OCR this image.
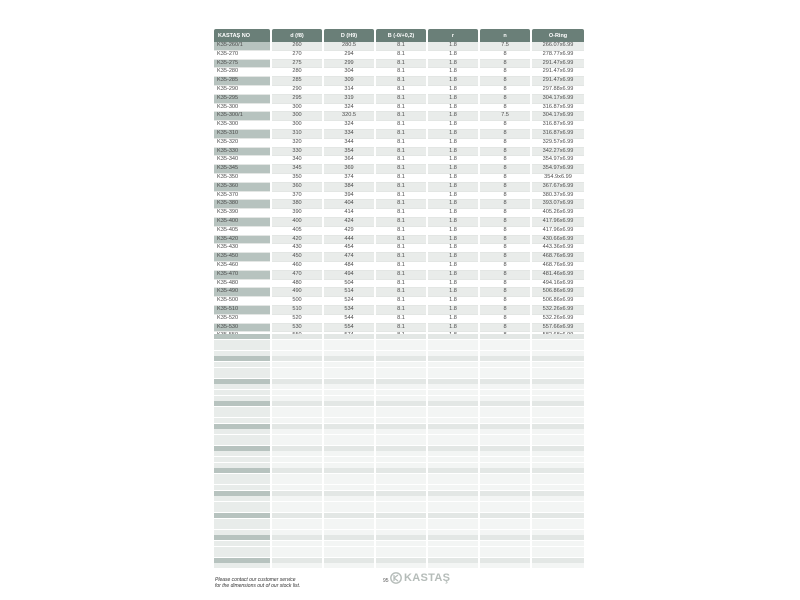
KASTAŞ NO	d (f8)	D (H9)	B (-0/+0,2)	r	n	O-Ring
K35-260/1	260	280.5	8.1	1.8	7.5	266.07x6.99
K35-270	270	294	8.1	1.8	8	278.77x6.99
K35-275	275	299	8.1	1.8	8	291.47x6.99
K35-280	280	304	8.1	1.8	8	291.47x6.99
K35-285	285	309	8.1	1.8	8	291.47x6.99
K35-290	290	314	8.1	1.8	8	297.88x6.99
K35-295	295	319	8.1	1.8	8	304.17x6.99
K35-300	300	324	8.1	1.8	8	316.87x6.99
K35-300/1	300	320.5	8.1	1.8	7.5	304.17x6.99
K35-300	300	324	8.1	1.8	8	316.87x6.99
K35-310	310	334	8.1	1.8	8	316.87x6.99
K35-320	320	344	8.1	1.8	8	329.57x6.99
K35-330	330	354	8.1	1.8	8	342.27x6.99
K35-340	340	364	8.1	1.8	8	354.97x6.99
K35-345	345	369	8.1	1.8	8	354.97x6.99
K35-350	350	374	8.1	1.8	8	354.9x6.99
K35-360	360	384	8.1	1.8	8	367.67x6.99
K35-370	370	394	8.1	1.8	8	380.37x6.99
K35-380	380	404	8.1	1.8	8	393.07x6.99
K35-390	390	414	8.1	1.8	8	405.26x6.99
K35-400	400	424	8.1	1.8	8	417.96x6.99
K35-405	405	429	8.1	1.8	8	417.96x6.99
K35-420	420	444	8.1	1.8	8	430.66x6.99
K35-430	430	454	8.1	1.8	8	443.36x6.99
K35-450	450	474	8.1	1.8	8	468.76x6.99
K35-460	460	484	8.1	1.8	8	468.76x6.99
K35-470	470	494	8.1	1.8	8	481.46x6.99
K35-480	480	504	8.1	1.8	8	494.16x6.99
K35-490	490	514	8.1	1.8	8	506.86x6.99
K35-500	500	524	8.1	1.8	8	506.86x6.99
K35-510	510	534	8.1	1.8	8	532.26x6.99
K35-520	520	544	8.1	1.8	8	532.26x6.99
K35-530	530	554	8.1	1.8	8	557.66x6.99

Please contact our customer service
for the dimensions out of our stock list.
95 KASTAŞ
